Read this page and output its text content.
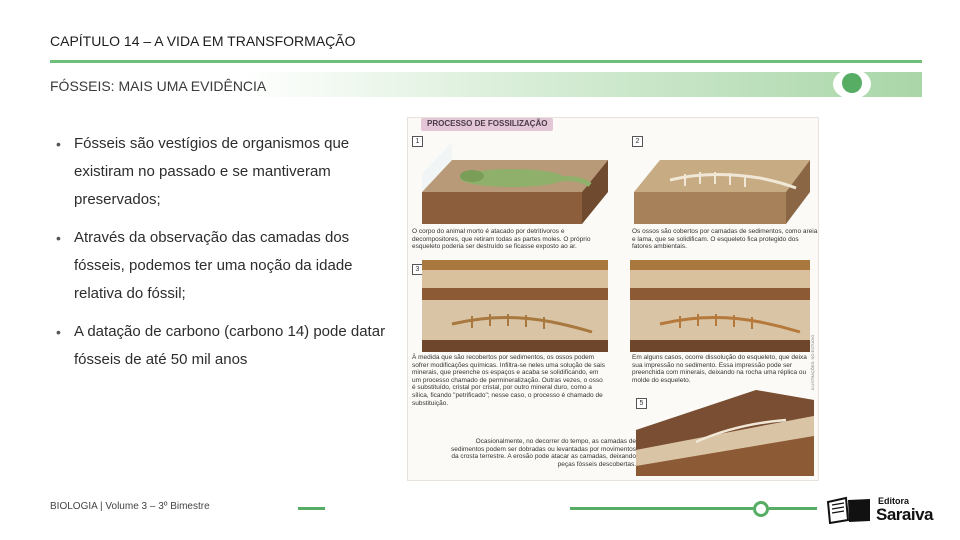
CAPÍTULO 14 – A VIDA EM TRANSFORMAÇÃO
FÓSSEIS: MAIS UMA EVIDÊNCIA
• Fósseis são vestígios de organismos que existiram no passado e se mantiveram preservados;
• Através da observação das camadas dos fósseis, podemos ter uma noção da idade relativa do fóssil;
• A datação de carbono (carbono 14) pode datar fósseis de até 50 mil anos
PROCESSO DE FOSSILIZAÇÃO
1
O corpo do animal morto é atacado por detritívoros e decompositores, que retiram todas as partes moles. O próprio esqueleto poderia ser destruído se ficasse exposto ao ar.
2
Os ossos são cobertos por camadas de sedimentos, como areia e lama, que se solidificam. O esqueleto fica protegido dos fatores ambientais.
3
À medida que são recobertos por sedimentos, os ossos podem sofrer modificações químicas. Infiltra-se neles uma solução de sais minerais, que preenche os espaços e acaba se solidificando, em um processo chamado de permineralização. Outras vezes, o osso é substituído, cristal por cristal, por outro mineral duro, como a sílica, ficando "petrificado"; nesse caso, o processo é chamado de substituição.
Em alguns casos, ocorre dissolução do esqueleto, que deixa sua impressão no sedimento. Essa impressão pode ser preenchida com minerais, deixando na rocha uma réplica ou molde do esqueleto.
5
Ocasionalmente, no decorrer do tempo, as camadas de sedimentos podem ser dobradas ou levantadas por movimentos da crosta terrestre. A erosão pode atacar as camadas, deixando peças fósseis descobertas.
ILUSTRAÇÕES: NO ESTÚDIO
BIOLOGIA | Volume 3 – 3º Bimestre	Editora
Saraiva
